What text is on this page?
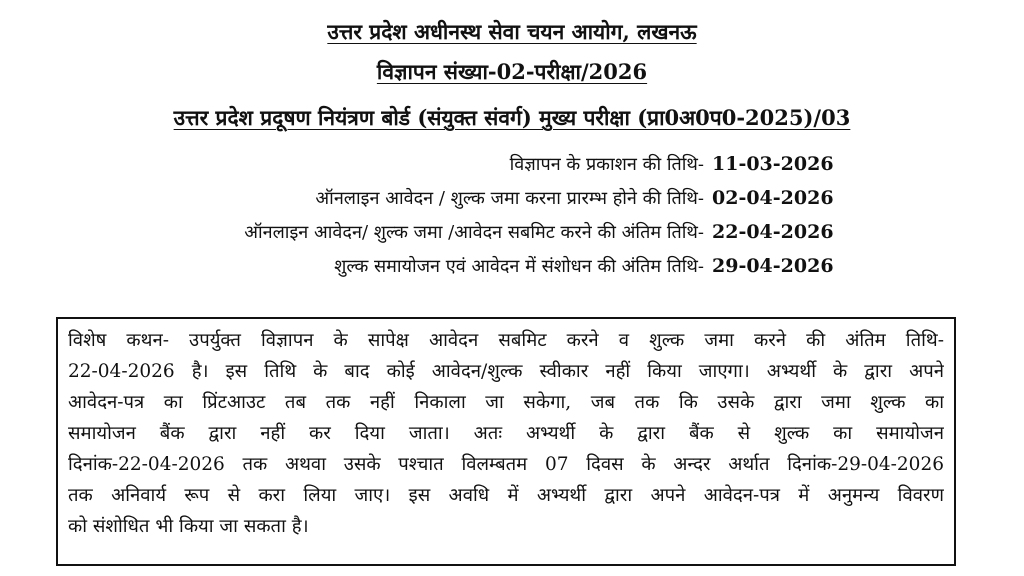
उत्तर प्रदेश अधीनस्थ सेवा चयन आयोग, लखनऊ
विज्ञापन संख्या-02-परीक्षा/2026
उत्तर प्रदेश प्रदूषण नियंत्रण बोर्ड (संयुक्त संवर्ग) मुख्य परीक्षा (प्रा0अ0प0-2025)/03
विज्ञापन के प्रकाशन की तिथि- 11-03-2026
ऑनलाइन आवेदन / शुल्क जमा करना प्रारम्भ होने की तिथि- 02-04-2026
ऑनलाइन आवेदन/ शुल्क जमा /आवेदन सबमिट करने की अंतिम तिथि- 22-04-2026
शुल्क समायोजन एवं आवेदन में संशोधन की अंतिम तिथि- 29-04-2026
विशेष कथन- उपर्युक्त विज्ञापन के सापेक्ष आवेदन सबमिट करने व शुल्क जमा करने की अंतिम तिथि-
22-04-2026 है। इस तिथि के बाद कोई आवेदन/शुल्क स्वीकार नहीं किया जाएगा। अभ्यर्थी के द्वारा अपने
आवेदन-पत्र का प्रिंटआउट तब तक नहीं निकाला जा सकेगा, जब तक कि उसके द्वारा जमा शुल्क का
समायोजन बैंक द्वारा नहीं कर दिया जाता। अतः अभ्यर्थी के द्वारा बैंक से शुल्क का समायोजन
दिनांक-22-04-2026 तक अथवा उसके पश्चात विलम्बतम 07 दिवस के अन्दर अर्थात दिनांक-29-04-2026
तक अनिवार्य रूप से करा लिया जाए। इस अवधि में अभ्यर्थी द्वारा अपने आवेदन-पत्र में अनुमन्य विवरण
को संशोधित भी किया जा सकता है।
